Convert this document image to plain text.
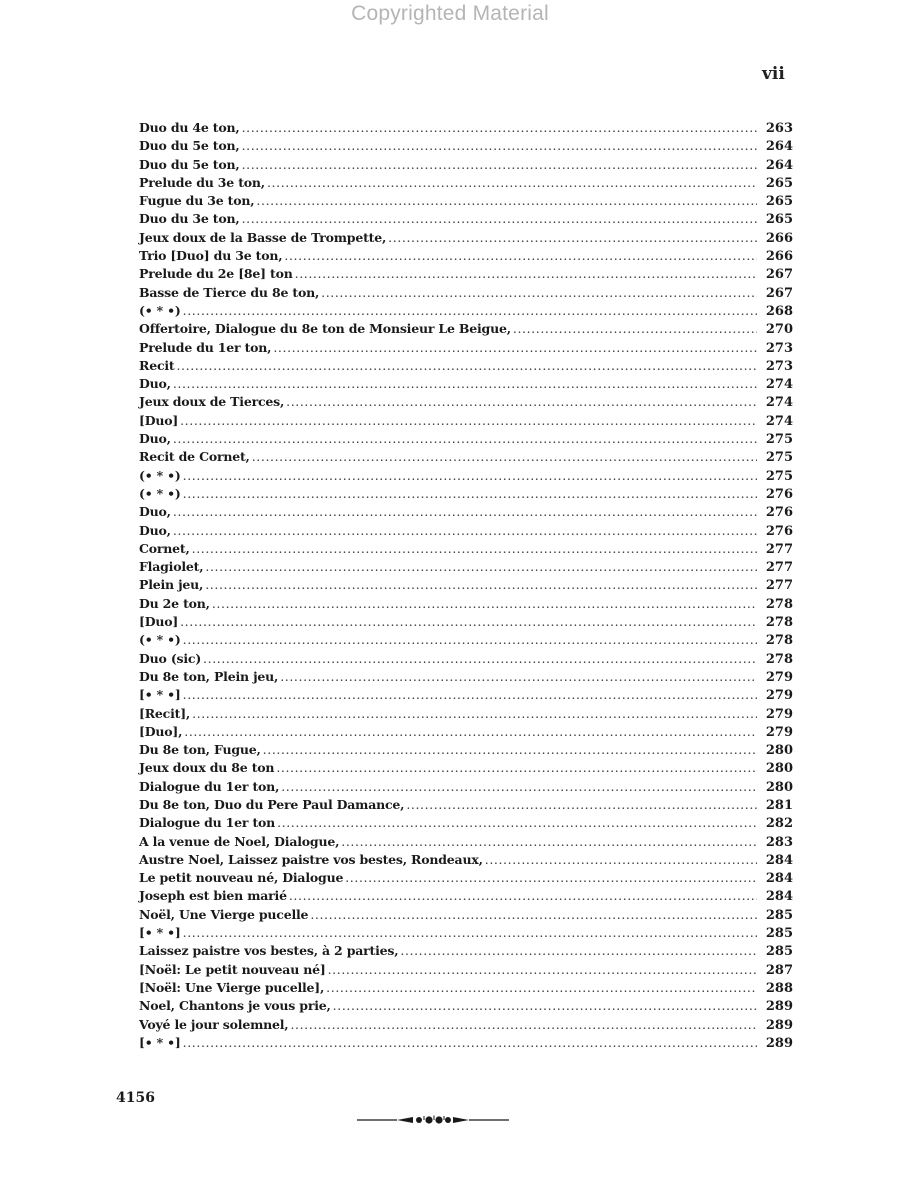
Copyrighted Material
vii
Duo du 4e ton, .....	263
Duo du 5e ton, .....	264
Duo du 5e ton, .....	264
Prelude du 3e ton, .....	265
Fugue du 3e ton, .....	265
Duo du 3e ton, .....	265
Jeux doux de la Basse de Trompette, .....	266
Trio [Duo] du 3e ton, .....	266
Prelude du 2e [8e] ton .....	267
Basse de Tierce du 8e ton, .....	267
(• * •) .....	268
Offertoire, Dialogue du 8e ton de Monsieur Le Beigue, .....	270
Prelude du 1er ton, .....	273
Recit .....	273
Duo, .....	274
Jeux doux de Tierces, .....	274
[Duo] .....	274
Duo, .....	275
Recit de Cornet, .....	275
(• * •) .....	275
(• * •) .....	276
Duo, .....	276
Duo, .....	276
Cornet, .....	277
Flagiolet, .....	277
Plein jeu, .....	277
Du 2e ton, .....	278
[Duo] .....	278
(• * •) .....	278
Duo (sic) .....	278
Du 8e ton, Plein jeu, .....	279
[• * •] .....	279
[Recit], .....	279
[Duo], .....	279
Du 8e ton, Fugue, .....	280
Jeux doux du 8e ton .....	280
Dialogue du 1er ton, .....	280
Du 8e ton, Duo du Pere Paul Damance, .....	281
Dialogue du 1er ton .....	282
A la venue de Noel, Dialogue, .....	283
Austre Noel, Laissez paistre vos bestes, Rondeaux, .....	284
Le petit nouveau né, Dialogue .....	284
Joseph est bien marié .....	284
Noël, Une Vierge pucelle .....	285
[• * •] .....	285
Laissez paistre vos bestes, à 2 parties, .....	285
[Noël: Le petit nouveau né] .....	287
[Noël: Une Vierge pucelle], .....	288
Noel, Chantons je vous prie, .....	289
Voyé le jour solemnel, .....	289
[• * •] .....	289
4156
